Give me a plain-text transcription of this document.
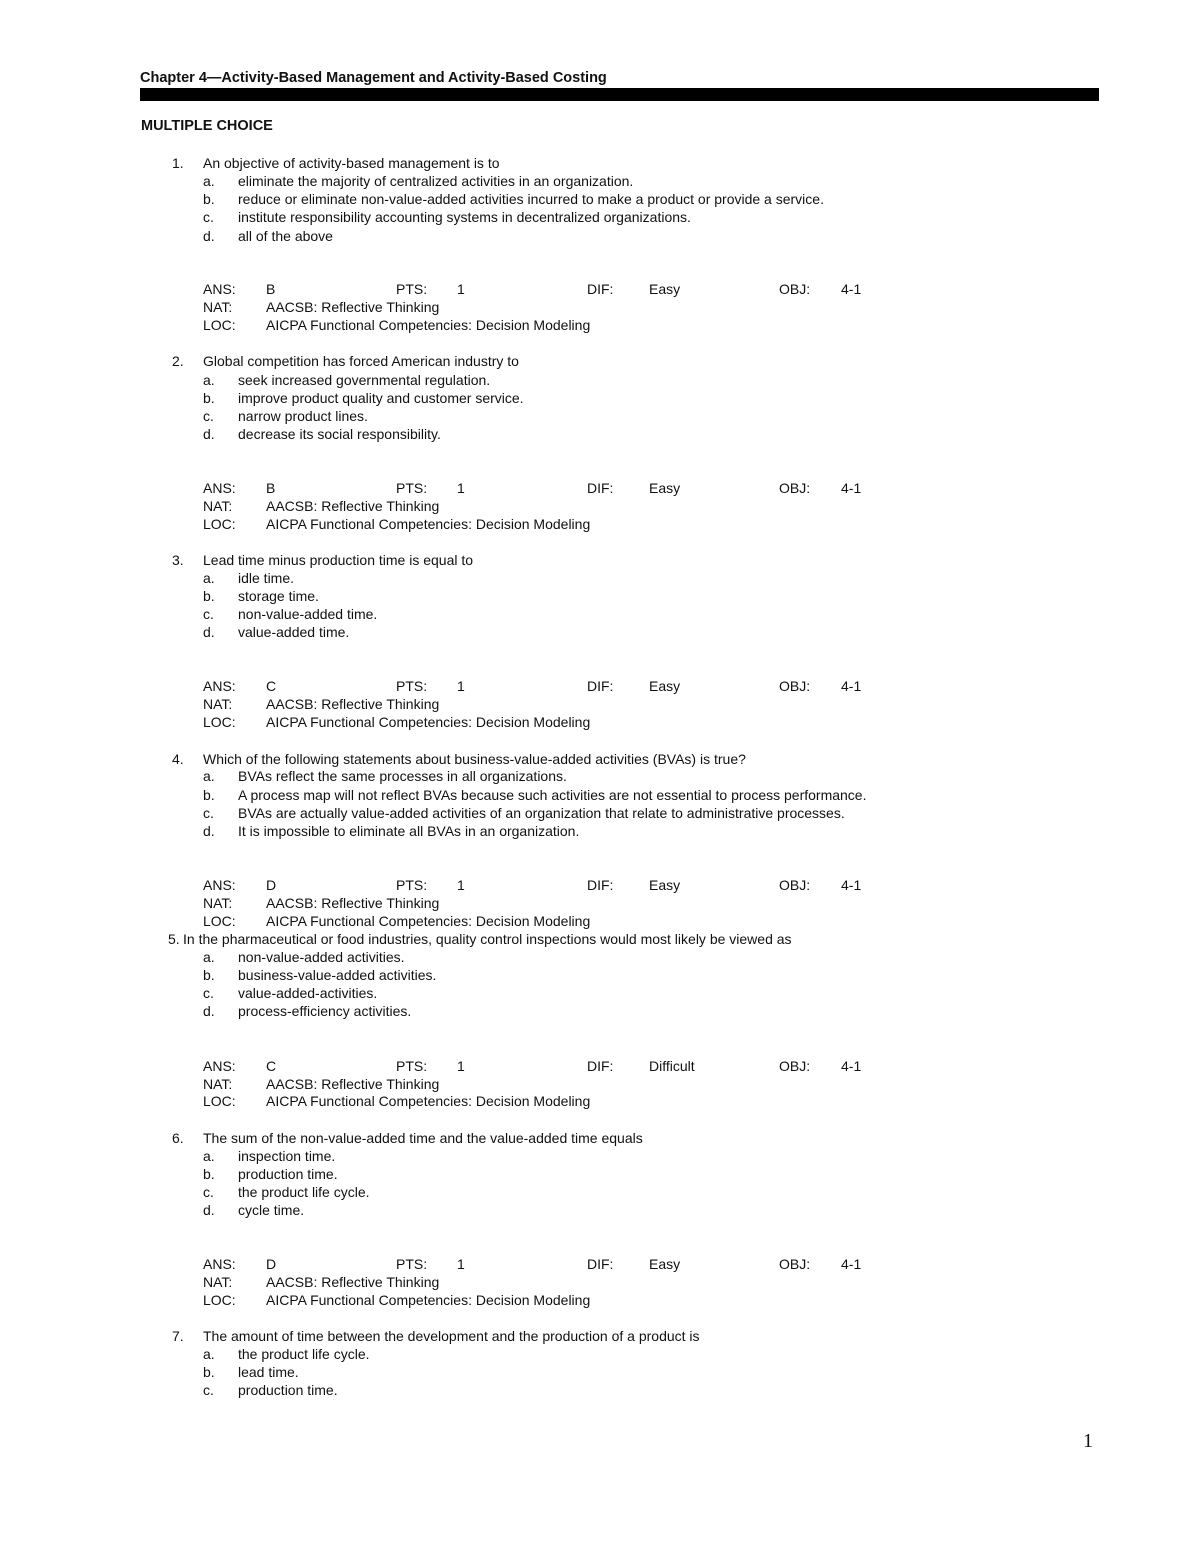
Chapter 4—Activity-Based Management and Activity-Based Costing
MULTIPLE CHOICE
1. An objective of activity-based management is to
a. eliminate the majority of centralized activities in an organization.
b. reduce or eliminate non-value-added activities incurred to make a product or provide a service.
c. institute responsibility accounting systems in decentralized organizations.
d. all of the above
ANS: B	PTS: 1	DIF:	Easy	OBJ: 4-1
NAT: AACSB: Reflective Thinking
LOC: AICPA Functional Competencies: Decision Modeling
2. Global competition has forced American industry to
a. seek increased governmental regulation.
b. improve product quality and customer service.
c. narrow product lines.
d. decrease its social responsibility.
ANS: B	PTS: 1	DIF:	Easy	OBJ: 4-1
NAT: AACSB: Reflective Thinking
LOC: AICPA Functional Competencies: Decision Modeling
3. Lead time minus production time is equal to
a. idle time.
b. storage time.
c. non-value-added time.
d. value-added time.
ANS: C	PTS: 1	DIF:	Easy	OBJ: 4-1
NAT: AACSB: Reflective Thinking
LOC: AICPA Functional Competencies: Decision Modeling
4. Which of the following statements about business-value-added activities (BVAs) is true?
a. BVAs reflect the same processes in all organizations.
b. A process map will not reflect BVAs because such activities are not essential to process performance.
c. BVAs are actually value-added activities of an organization that relate to administrative processes.
d. It is impossible to eliminate all BVAs in an organization.
ANS: D	PTS: 1	DIF:	Easy	OBJ: 4-1
NAT: AACSB: Reflective Thinking
LOC: AICPA Functional Competencies: Decision Modeling
5. In the pharmaceutical or food industries, quality control inspections would most likely be viewed as
a. non-value-added activities.
b. business-value-added activities.
c. value-added-activities.
d. process-efficiency activities.
ANS: C	PTS: 1	DIF:	Difficult	OBJ: 4-1
NAT: AACSB: Reflective Thinking
LOC: AICPA Functional Competencies: Decision Modeling
6. The sum of the non-value-added time and the value-added time equals
a. inspection time.
b. production time.
c. the product life cycle.
d. cycle time.
ANS: D	PTS: 1	DIF:	Easy	OBJ: 4-1
NAT: AACSB: Reflective Thinking
LOC: AICPA Functional Competencies: Decision Modeling
7. The amount of time between the development and the production of a product is
a. the product life cycle.
b. lead time.
c. production time.
1
